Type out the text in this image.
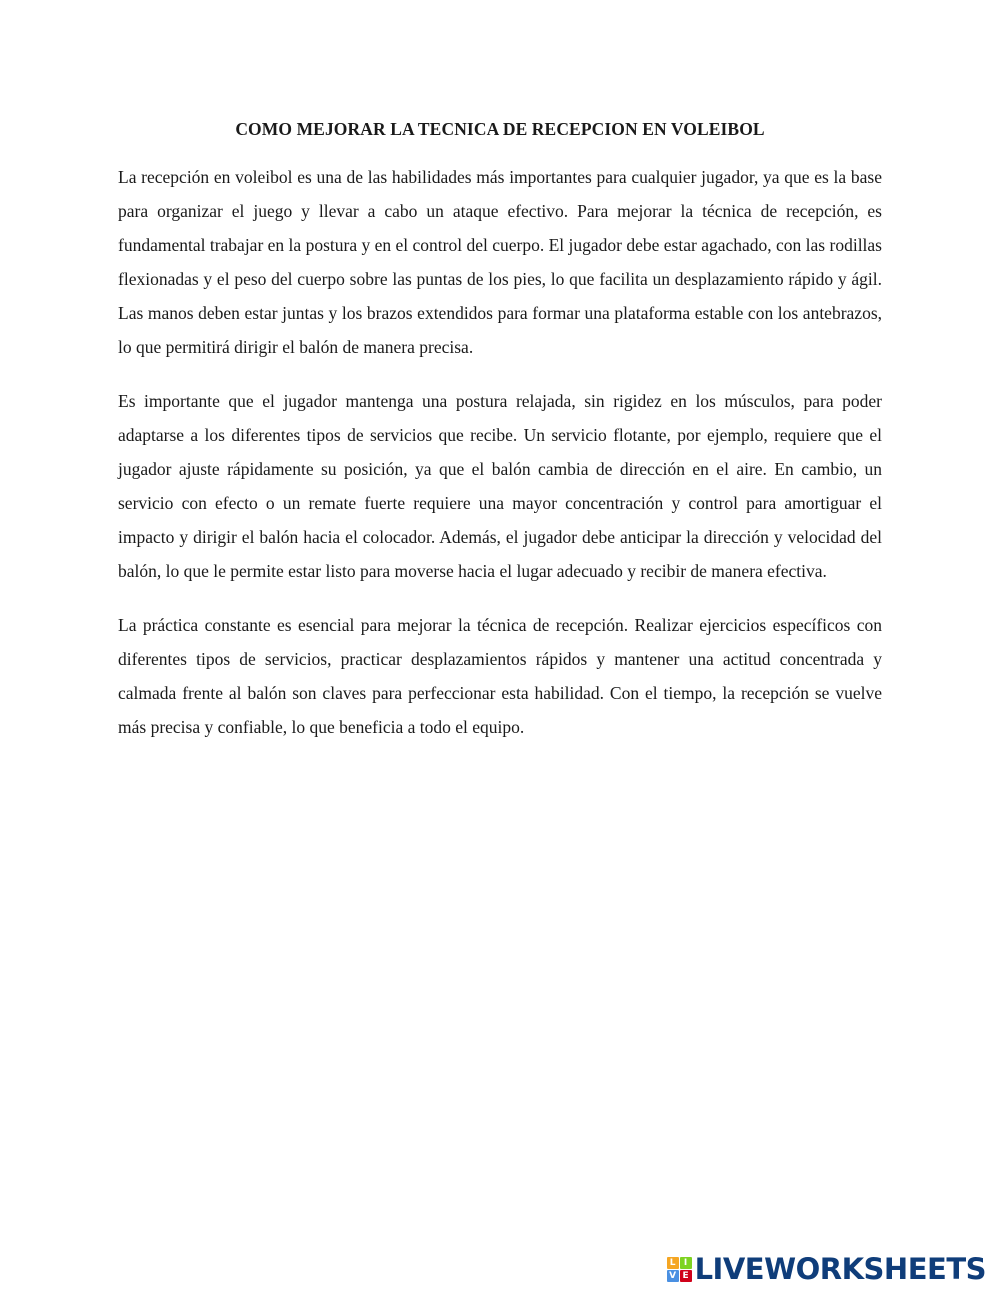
COMO MEJORAR LA TECNICA DE RECEPCION EN VOLEIBOL

La recepción en voleibol es una de las habilidades más importantes para cualquier jugador, ya que es la base para organizar el juego y llevar a cabo un ataque efectivo. Para mejorar la técnica de recepción, es fundamental trabajar en la postura y en el control del cuerpo. El jugador debe estar agachado, con las rodillas flexionadas y el peso del cuerpo sobre las puntas de los pies, lo que facilita un desplazamiento rápido y ágil. Las manos deben estar juntas y los brazos extendidos para formar una plataforma estable con los antebrazos, lo que permitirá dirigir el balón de manera precisa.

Es importante que el jugador mantenga una postura relajada, sin rigidez en los músculos, para poder adaptarse a los diferentes tipos de servicios que recibe. Un servicio flotante, por ejemplo, requiere que el jugador ajuste rápidamente su posición, ya que el balón cambia de dirección en el aire. En cambio, un servicio con efecto o un remate fuerte requiere una mayor concentración y control para amortiguar el impacto y dirigir el balón hacia el colocador. Además, el jugador debe anticipar la dirección y velocidad del balón, lo que le permite estar listo para moverse hacia el lugar adecuado y recibir de manera efectiva.

La práctica constante es esencial para mejorar la técnica de recepción. Realizar ejercicios específicos con diferentes tipos de servicios, practicar desplazamientos rápidos y mantener una actitud concentrada y calmada frente al balón son claves para perfeccionar esta habilidad. Con el tiempo, la recepción se vuelve más precisa y confiable, lo que beneficia a todo el equipo.

L I
V E LIVEWORKSHEETS
